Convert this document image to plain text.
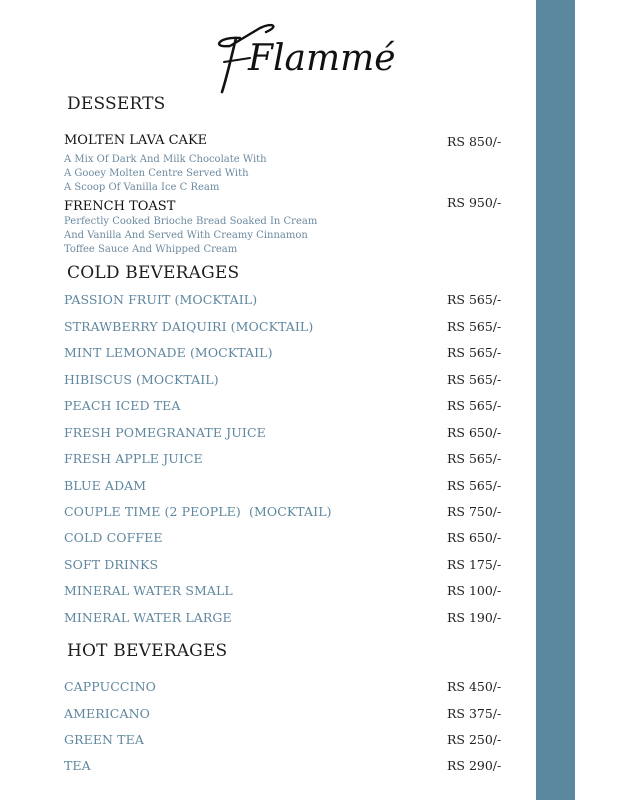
Flammé
DESSERTS
MOLTEN LAVA CAKE	RS 850/-
A Mix Of Dark And Milk Chocolate With
A Gooey Molten Centre Served With
A Scoop Of Vanilla Ice C Ream
FRENCH TOAST	RS 950/-
Perfectly Cooked Brioche Bread Soaked In Cream
And Vanilla And Served With Creamy Cinnamon
Toffee Sauce And Whipped Cream
COLD BEVERAGES
PASSION FRUIT (MOCKTAIL)	RS 565/-
STRAWBERRY DAIQUIRI (MOCKTAIL)	RS 565/-
MINT LEMONADE (MOCKTAIL)	RS 565/-
HIBISCUS (MOCKTAIL)	RS 565/-
PEACH ICED TEA	RS 565/-
FRESH POMEGRANATE JUICE	RS 650/-
FRESH APPLE JUICE	RS 565/-
BLUE ADAM	RS 565/-
COUPLE TIME (2 PEOPLE)  (MOCKTAIL)	RS 750/-
COLD COFFEE	RS 650/-
SOFT DRINKS	RS 175/-
MINERAL WATER SMALL	RS 100/-
MINERAL WATER LARGE	RS 190/-
HOT BEVERAGES
CAPPUCCINO	RS 450/-
AMERICANO	RS 375/-
GREEN TEA	RS 250/-
TEA	RS 290/-
